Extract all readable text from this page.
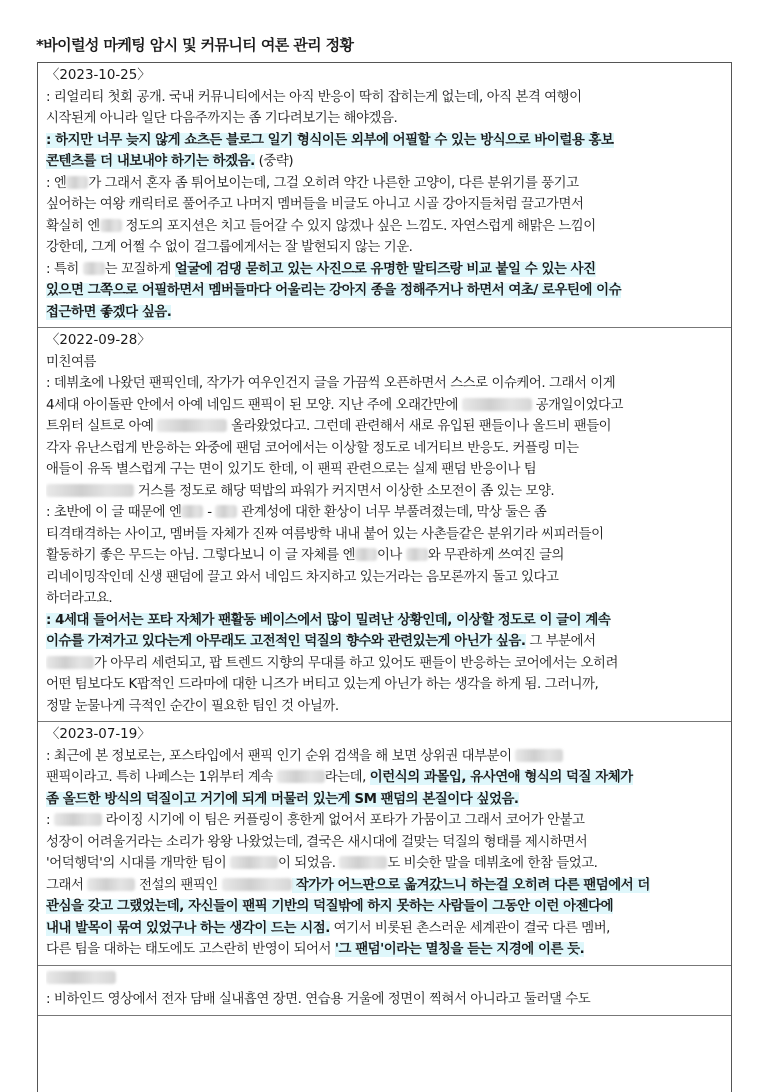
*바이럴성 마케팅 암시 및 커뮤니티 여론 관리 정황
〈2023-10-25〉
: 리얼리티 첫회 공개. 국내 커뮤니티에서는 아직 반응이 딱히 잡히는게 없는데, 아직 본격 여행이
시작된게 아니라 일단 다음주까지는 좀 기다려보기는 해야겠음.
: 하지만 너무 늦지 않게 쇼츠든 블로그 일기 형식이든 외부에 어필할 수 있는 방식으로 바이럴용 홍보
콘텐츠를 더 내보내야 하기는 하겠음. (중략)
: 엔 가 그래서 혼자 좀 튀어보이는데, 그걸 오히려 약간 나른한 고양이, 다른 분위기를 풍기고
싶어하는 여왕 캐릭터로 풀어주고 나머지 멤버들을 비글도 아니고 시골 강아지들처럼 끌고가면서
확실히 엔 정도의 포지션은 치고 들어갈 수 있지 않겠나 싶은 느낌도. 자연스럽게 해맑은 느낌이
강한데, 그게 어쩔 수 없이 걸그룹에게서는 잘 발현되지 않는 기운.
: 특히 는 꼬질하게 얼굴에 검댕 묻히고 있는 사진으로 유명한 말티즈랑 비교 붙일 수 있는 사진
있으면 그쪽으로 어필하면서 멤버들마다 어울리는 강아지 종을 정해주거나 하면서 여초/ 로우틴에 이슈
접근하면 좋겠다 싶음.
〈2022-09-28〉
미친여름
: 데뷔초에 나왔던 팬픽인데, 작가가 여우인건지 글을 가끔씩 오픈하면서 스스로 이슈케어. 그래서 이게
4세대 아이돌판 안에서 아예 네임드 팬픽이 된 모양. 지난 주에 오래간만에	공개일이었다고
트위터 실트로 아예	올라왔었다고. 그런데 관련해서 새로 유입된 팬들이나 올드비 팬들이
각자 유난스럽게 반응하는 와중에 팬덤 코어에서는 이상할 정도로 네거티브 반응도. 커플링 미는
애들이 유독 별스럽게 구는 면이 있기도 한데, 이 팬픽 관련으로는 실제 팬덤 반응이나 팀
거스를 정도로 해당 떡밥의 파워가 커지면서 이상한 소모전이 좀 있는 모양.
: 초반에 이 글 때문에 엔 -  관계성에 대한 환상이 너무 부풀려졌는데, 막상 둘은 좀
티격태격하는 사이고, 멤버들 자체가 진짜 여름방학 내내 붙어 있는 사촌들같은 분위기라 씨피러들이
활동하기 좋은 무드는 아님. 그렇다보니 이 글 자체를 엔 이나 와 무관하게 쓰여진 글의
리네이밍작인데 신생 팬덤에 끌고 와서 네임드 차지하고 있는거라는 음모론까지 돌고 있다고
하더라고요.
: 4세대 들어서는 포타 자체가 팬활동 베이스에서 많이 밀려난 상황인데, 이상할 정도로 이 글이 계속
이슈를 가져가고 있다는게 아무래도 고전적인 덕질의 향수와 관련있는게 아닌가 싶음. 그 부분에서
가 아무리 세련되고, 팝 트렌드 지향의 무대를 하고 있어도 팬들이 반응하는 코어에서는 오히려
어떤 팀보다도 K팝적인 드라마에 대한 니즈가 버티고 있는게 아닌가 하는 생각을 하게 됨. 그러니까,
정말 눈물나게 극적인 순간이 필요한 팀인 것 아닐까.
〈2023-07-19〉
: 최근에 본 정보로는, 포스타입에서 팬픽 인기 순위 검색을 해 보면 상위권 대부분이
팬픽이라고. 특히 나페스는 1위부터 계속	라는데, 이런식의 과몰입, 유사연애 형식의 덕질 자체가
좀 올드한 방식의 덕질이고 거기에 되게 머물러 있는게 SM 팬덤의 본질이다 싶었음.
:	라이징 시기에 이 팀은 커플링이 흥한게 없어서 포타가 가뭄이고 그래서 코어가 안붙고
성장이 어려울거라는 소리가 왕왕 나왔었는데, 결국은 새시대에 걸맞는 덕질의 형태를 제시하면서
'어덕행덕'의 시대를 개막한 팀이	이 되었음.	도 비슷한 말을 데뷔초에 한참 들었고.
그래서	전설의 팬픽인	작가가 어느판으로 옮겨갔느니 하는걸 오히려 다른 팬덤에서 더
관심을 갖고 그랬었는데, 자신들이 팬픽 기반의 덕질밖에 하지 못하는 사람들이 그동안 이런 아젠다에
내내 발목이 묶여 있었구나 하는 생각이 드는 시점. 여기서 비롯된 촌스러운 세계관이 결국 다른 멤버,
다른 팀을 대하는 태도에도 고스란히 반영이 되어서 '그 팬덤'이라는 멸칭을 듣는 지경에 이른 듯.
: 비하인드 영상에서 전자 담배 실내흡연 장면. 연습용 거울에 정면이 찍혀서 아니라고 둘러댈 수도
